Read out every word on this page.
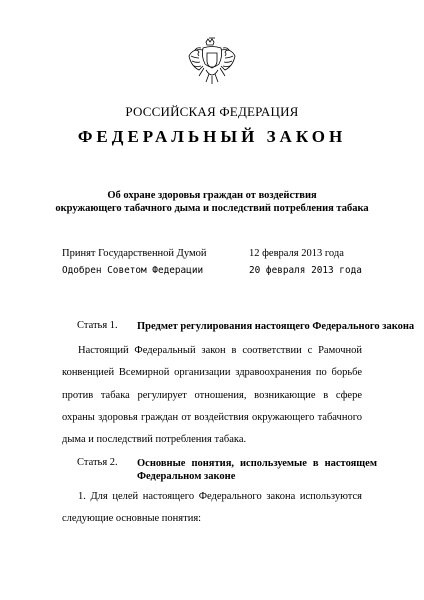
РОССИЙСКАЯ ФЕДЕРАЦИЯ
ФЕДЕРАЛЬНЫЙ ЗАКОН
Об охране здоровья граждан от воздействия
окружающего табачного дыма и последствий потребления табака
Принят Государственной Думой	12 февраля 2013 года
Одобрен Советом Федерации	20 февраля 2013 года
Статья 1. Предмет регулирования настоящего Федерального закона
Настоящий Федеральный закон в соответствии с Рамочной конвенцией Всемирной организации здравоохранения по борьбе против табака регулирует отношения, возникающие в сфере охраны здоровья граждан от воздействия окружающего табачного дыма и последствий потребления табака.
Статья 2. Основные понятия, используемые в настоящем Федеральном законе
1. Для целей настоящего Федерального закона используются следующие основные понятия:
